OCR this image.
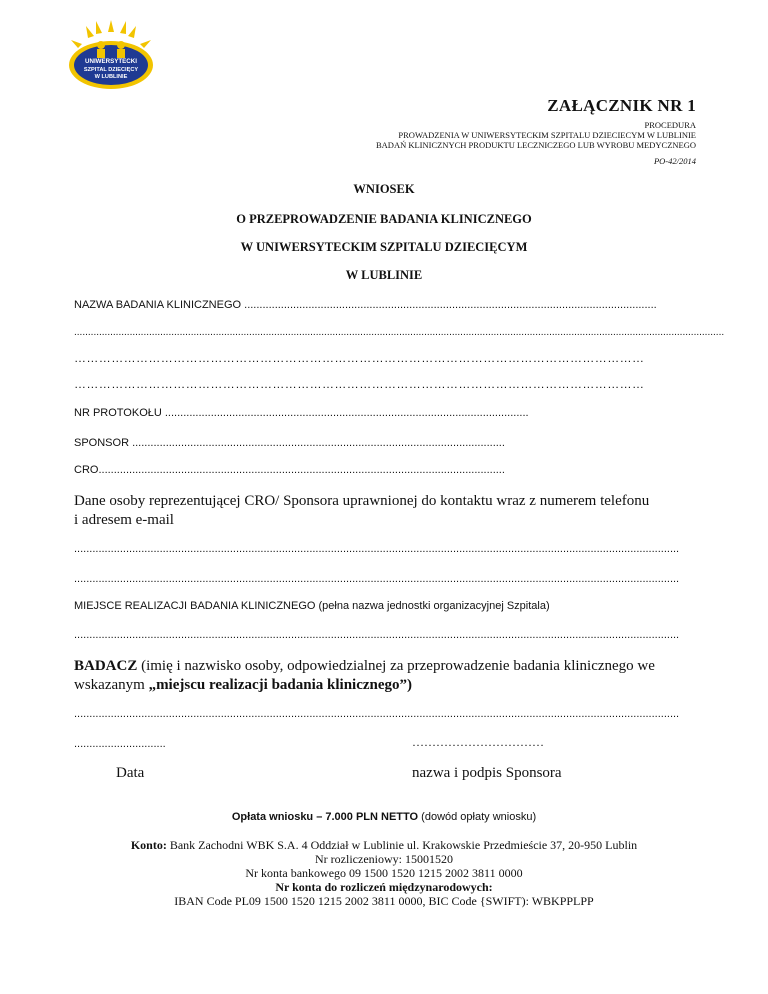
UNIWERSYTECKI
SZPITAL DZIECIĘCY
W LUBLINIE
ZAŁĄCZNIK NR 1
PROCEDURA
PROWADZENIA W UNIWERSYTECKIM SZPITALU DZIECIECYM W LUBLINIE
BADAŃ KLINICZNYCH PRODUKTU LECZNICZEGO LUB WYROBU MEDYCZNEGO
PO-42/2014
WNIOSEK
O PRZEPROWADZENIE BADANIA KLINICZNEGO
W UNIWERSYTECKIM SZPITALU DZIECIĘCYM
W LUBLINIE
NAZWA BADANIA KLINICZNEGO .......................................................................................................................................
..........................................................................................................................................................................................................................................
…………………………………………………………………………………………………………………………
…………………………………………………………………………………………………………………………
NR PROTOKOŁU .......................................................................................................................
SPONSOR ..........................................................................................................................
CRO.....................................................................................................................................
Dane osoby reprezentującej CRO/ Sponsora uprawnionej do kontaktu wraz z numerem telefonu
i adresem e-mail
......................................................................................................................................................................................................
......................................................................................................................................................................................................
MIEJSCE REALIZACJI BADANIA KLINICZNEGO (pełna nazwa jednostki organizacyjnej Szpitala)
......................................................................................................................................................................................................
BADACZ (imię i nazwisko osoby, odpowiedzialnej za przeprowadzenie badania klinicznego we
wskazanym „miejscu realizacji badania klinicznego”)
......................................................................................................................................................................................................
..............................	……………………………
Data	nazwa i podpis Sponsora
Opłata wniosku – 7.000 PLN NETTO (dowód opłaty wniosku)
Konto: Bank Zachodni WBK S.A. 4 Oddział w Lublinie ul. Krakowskie Przedmieście 37, 20-950 Lublin
Nr rozliczeniowy: 15001520
Nr konta bankowego 09 1500 1520 1215 2002 3811 0000
Nr konta do rozliczeń międzynarodowych:
IBAN Code PL09 1500 1520 1215 2002 3811 0000, BIC Code {SWIFT): WBKPPLPP
